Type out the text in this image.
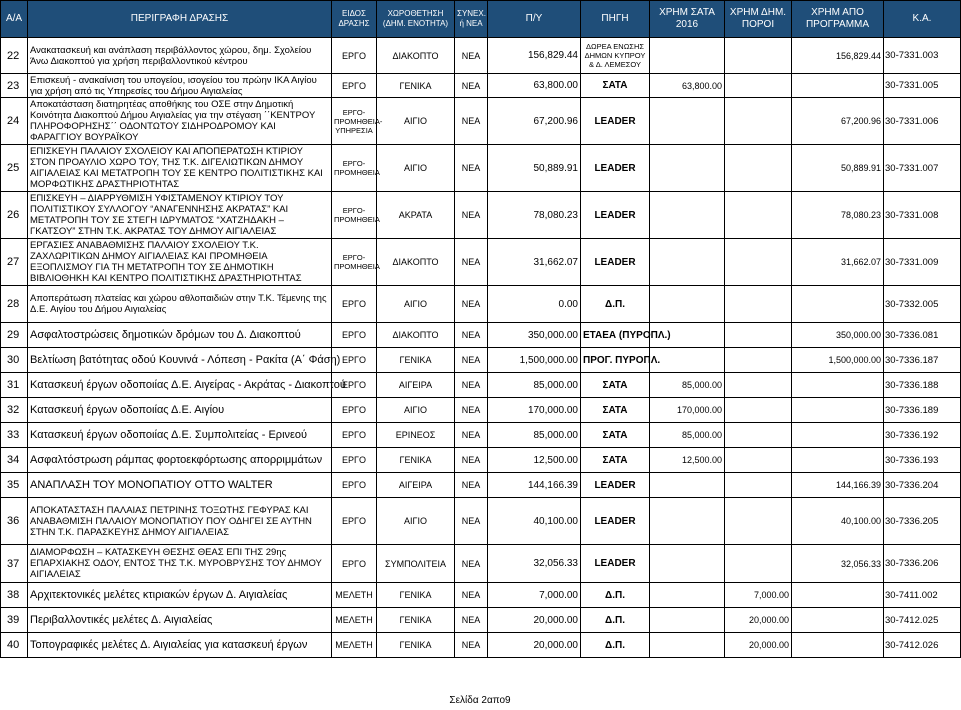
Α/Α	ΠΕΡΙΓΡΑΦΗ ΔΡΑΣΗΣ	ΕΙΔΟΣ ΔΡΑΣΗΣ	ΧΩΡΟΘΕΤΗΣΗ (ΔΗΜ. ΕΝΟΤΗΤΑ)	ΣΥΝΕΧ. ή ΝΕΑ	Π/Υ	ΠΗΓΗ	ΧΡΗΜ ΣΑΤΑ 2016	ΧΡΗΜ ΔΗΜ. ΠΟΡΟΙ	ΧΡΗΜ ΑΠΟ ΠΡΟΓΡΑΜΜΑ	Κ.Α.
22	Ανακατασκευή και ανάπλαση περιβάλλοντος χώρου, δημ. Σχολείου Άνω Διακοπτού για χρήση περιβαλλοντικού κέντρου	ΕΡΓΟ	ΔΙΑΚΟΠΤΟ	ΝΕΑ	156,829.44	ΔΩΡΕΑ ΕΝΩΣΗΣ ΔΗΜΩΝ ΚΥΠΡΟΥ & Δ. ΛΕΜΕΣΟΥ			156,829.44	30-7331.003
23	Επισκευή - ανακαίνιση του υπογείου, ισογείου του πρώην ΙΚΑ Αιγίου για χρήση από τις Υπηρεσίες του Δήμου Αιγιαλείας	ΕΡΓΟ	ΓΕΝΙΚΑ	ΝΕΑ	63,800.00	ΣΑΤΑ	63,800.00			30-7331.005
24	Αποκατάσταση διατηρητέας αποθήκης του ΟΣΕ στην Δημοτική Κοινότητα Διακοπτού Δήμου Αιγιαλείας για την στέγαση ΄΄ΚΕΝΤΡΟΥ ΠΛΗΡΟΦΟΡΗΣΗΣ΄΄ ΟΔΟΝΤΩΤΟΥ ΣΙΔΗΡΟΔΡΟΜΟΥ ΚΑΙ ΦΑΡΑΓΓΙΟΥ ΒΟΥΡΑΪΚΟΥ	ΕΡΓΟ-ΠΡΟΜΗΘΕΙΑ-ΥΠΗΡΕΣΙΑ	ΑΙΓΙΟ	ΝΕΑ	67,200.96	LEADER			67,200.96	30-7331.006
25	ΕΠΙΣΚΕΥΗ ΠΑΛΑΙΟΥ ΣΧΟΛΕΙΟΥ ΚΑΙ ΑΠΟΠΕΡΑΤΩΣΗ ΚΤΙΡΙΟΥ ΣΤΟΝ ΠΡΟΑΥΛΙΟ ΧΩΡΟ ΤΟΥ, ΤΗΣ Τ.Κ. ΔΙΓΕΛΙΩΤΙΚΩΝ ΔΗΜΟΥ ΑΙΓΙΑΛΕΙΑΣ ΚΑΙ ΜΕΤΑΤΡΟΠΗ ΤΟΥ ΣΕ ΚΕΝΤΡΟ ΠΟΛΙΤΙΣΤΙΚΗΣ ΚΑΙ ΜΟΡΦΩΤΙΚΗΣ ΔΡΑΣΤΗΡΙΟΤΗΤΑΣ	ΕΡΓΟ-ΠΡΟΜΗΘΕΙΑ	ΑΙΓΙΟ	ΝΕΑ	50,889.91	LEADER			50,889.91	30-7331.007
26	ΕΠΙΣΚΕΥΗ – ΔΙΑΡΡΥΘΜΙΣΗ ΥΦΙΣΤΑΜΕΝΟΥ ΚΤΙΡΙΟΥ ΤΟΥ ΠΟΛΙΤΙΣΤΙΚΟΥ ΣΥΛΛΟΓΟΥ “ΑΝΑΓΕΝΝΗΣΗΣ ΑΚΡΑΤΑΣ” ΚΑΙ ΜΕΤΑΤΡΟΠΗ ΤΟΥ ΣΕ ΣΤΕΓΗ ΙΔΡΥΜΑΤΟΣ “ΧΑΤΖΗΔΑΚΗ – ΓΚΑΤΣΟΥ” ΣΤΗΝ Τ.Κ. ΑΚΡΑΤΑΣ ΤΟΥ ΔΗΜΟΥ ΑΙΓΙΑΛΕΙΑΣ	ΕΡΓΟ-ΠΡΟΜΗΘΕΙΑ	ΑΚΡΑΤΑ	ΝΕΑ	78,080.23	LEADER			78,080.23	30-7331.008
27	ΕΡΓΑΣΙΕΣ ΑΝΑΒΑΘΜΙΣΗΣ ΠΑΛΑΙΟΥ ΣΧΟΛΕΙΟΥ Τ.Κ. ΖΑΧΛΩΡΙΤΙΚΩΝ ΔΗΜΟΥ ΑΙΓΙΑΛΕΙΑΣ ΚΑΙ ΠΡΟΜΗΘΕΙΑ ΕΞΟΠΛΙΣΜΟΥ ΓΙΑ ΤΗ ΜΕΤΑΤΡΟΠΗ ΤΟΥ ΣΕ ΔΗΜΟΤΙΚΗ ΒΙΒΛΙΟΘΗΚΗ ΚΑΙ ΚΕΝΤΡΟ ΠΟΛΙΤΙΣΤΙΚΗΣ ΔΡΑΣΤΗΡΙΟΤΗΤΑΣ	ΕΡΓΟ-ΠΡΟΜΗΘΕΙΑ	ΔΙΑΚΟΠΤΟ	ΝΕΑ	31,662.07	LEADER			31,662.07	30-7331.009
28	Αποπεράτωση πλατείας και χώρου αθλοπαιδιών στην Τ.Κ. Τέμενης της Δ.Ε. Αιγίου του Δήμου Αιγιαλείας	ΕΡΓΟ	ΑΙΓΙΟ	ΝΕΑ	0.00	Δ.Π.				30-7332.005
29	Ασφαλτοστρώσεις δημοτικών δρόμων του Δ. Διακοπτού	ΕΡΓΟ	ΔΙΑΚΟΠΤΟ	ΝΕΑ	350,000.00	ΕΤΑΕΑ (ΠΥΡΟΠΛ.)			350,000.00	30-7336.081
30	Βελτίωση βατότητας οδού Κουνινά - Λόπεση - Ρακίτα (Α΄ Φάση)	ΕΡΓΟ	ΓΕΝΙΚΑ	ΝΕΑ	1,500,000.00	ΠΡΟΓ. ΠΥΡΟΠΛ.			1,500,000.00	30-7336.187
31	Κατασκευή έργων οδοποιίας Δ.Ε. Αιγείρας - Ακράτας - Διακοπτού	ΕΡΓΟ	ΑΙΓΕΙΡΑ	ΝΕΑ	85,000.00	ΣΑΤΑ	85,000.00			30-7336.188
32	Κατασκευή έργων οδοποιίας Δ.Ε. Αιγίου	ΕΡΓΟ	ΑΙΓΙΟ	ΝΕΑ	170,000.00	ΣΑΤΑ	170,000.00			30-7336.189
33	Κατασκευή έργων οδοποιίας Δ.Ε. Συμπολιτείας - Ερινεού	ΕΡΓΟ	ΕΡΙΝΕΟΣ	ΝΕΑ	85,000.00	ΣΑΤΑ	85,000.00			30-7336.192
34	Ασφαλτόστρωση ράμπας φορτοεκφόρτωσης απορριμμάτων	ΕΡΓΟ	ΓΕΝΙΚΑ	ΝΕΑ	12,500.00	ΣΑΤΑ	12,500.00			30-7336.193
35	ΑΝΑΠΛΑΣΗ ΤΟΥ ΜΟΝΟΠΑΤΙΟΥ OTTO WALTER	ΕΡΓΟ	ΑΙΓΕΙΡΑ	ΝΕΑ	144,166.39	LEADER			144,166.39	30-7336.204
36	ΑΠΟΚΑΤΑΣΤΑΣΗ ΠΑΛΑΙΑΣ ΠΕΤΡΙΝΗΣ ΤΟΞΩΤΗΣ ΓΕΦΥΡΑΣ ΚΑΙ ΑΝΑΒΑΘΜΙΣΗ ΠΑΛΑΙΟΥ ΜΟΝΟΠΑΤΙΟΥ ΠΟΥ ΟΔΗΓΕΙ ΣΕ ΑΥΤΗΝ ΣΤΗΝ Τ.Κ. ΠΑΡΑΣΚΕΥΗΣ ΔΗΜΟΥ ΑΙΓΙΑΛΕΙΑΣ	ΕΡΓΟ	ΑΙΓΙΟ	ΝΕΑ	40,100.00	LEADER			40,100.00	30-7336.205
37	ΔΙΑΜΟΡΦΩΣΗ – ΚΑΤΑΣΚΕΥΗ ΘΕΣΗΣ ΘΕΑΣ ΕΠΙ ΤΗΣ 29ης ΕΠΑΡΧΙΑΚΗΣ ΟΔΟΥ, ΕΝΤΟΣ ΤΗΣ Τ.Κ. ΜΥΡΟΒΡΥΣΗΣ ΤΟΥ ΔΗΜΟΥ ΑΙΓΙΑΛΕΙΑΣ	ΕΡΓΟ	ΣΥΜΠΟΛΙΤΕΙΑ	ΝΕΑ	32,056.33	LEADER			32,056.33	30-7336.206
38	Αρχιτεκτονικές μελέτες κτιριακών έργων Δ. Αιγιαλείας	ΜΕΛΕΤΗ	ΓΕΝΙΚΑ	ΝΕΑ	7,000.00	Δ.Π.		7,000.00		30-7411.002
39	Περιβαλλοντικές μελέτες Δ. Αιγιαλείας	ΜΕΛΕΤΗ	ΓΕΝΙΚΑ	ΝΕΑ	20,000.00	Δ.Π.		20,000.00		30-7412.025
40	Τοπογραφικές μελέτες Δ. Αιγιαλείας για κατασκευή έργων	ΜΕΛΕΤΗ	ΓΕΝΙΚΑ	ΝΕΑ	20,000.00	Δ.Π.		20,000.00		30-7412.026
Σελίδα 2απο9
